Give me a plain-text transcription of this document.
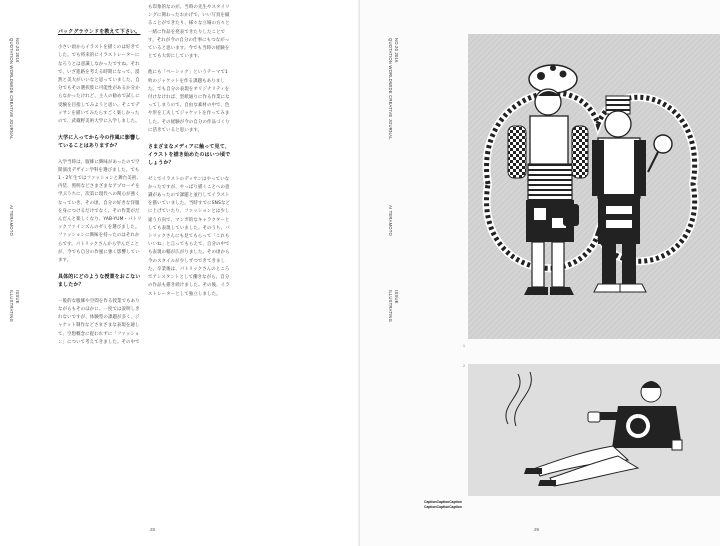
QUOTATION WORLDWIDE CREATIVE JOURNAL NO.20 2016
AI TERAMOTO
ILLUSTRATING ISSUE
バックグラウンドを教えて下さい。

小さい頃からイラストを描くのは好きでした。でも将来的にイラストレーターになろうとは意識しなかったですね。それで、いざ進路を考える時期になって、漠然と美大がいいなと思っていました。自分でもその選択肢に可能性があるか分からなかったけれど、主人の勧めで試しに受験を目指してみようと思い、そこでデッサンを描いてみたらすごく楽しかったので、武蔵野美術大学に入学しました。

大学に入ってから今の作風に影響していることはありますか？

入学当時は、服飾に興味があったので空間演出デザイン学科を選びました。でも1・2年生ではファッションと舞台美術、内装、照明などさまざまなアプローチを学ぶうちに、次第に現代への関心が強くなっていき、その頃、自分の好きな洋服を身につけるだけでなく、その作業がだんだんと楽しくなり、YAB-YUM・パトリックファインズんのゼミを選びました。ファッションに興味を持ったのはそれからです。パトリックさんから学んだことが、今でも自分の作風に強く影響しています。

具体的にどのような授業をおこないましたか？

一般的な服飾や空間を作る授業でもありながらもそのほかに、一度では説明しきれないですが、体験型の課題が多く、ジャケット制作などさまざまな表現を通して、空想概念に捉われずに「ファッション」について考えてきました。その中で

も印象的なのが、当時の先生やスタイリングに関わったおかげで、いい写真を撮ることができたり、様々な立場の方々と一緒に作品を発表できたりしたことです。それが今の自分の仕事にもつながっていると思います。今でも当時の経験をとても大切にしています。

他にも「ベーシック」というテーマで1枚のジャケットを作る課題もありました。でも自分の表現をオリジナリティを付けなければ、型紙通りに作る作業になってしまうので、自由な素材の中で、色や形を工夫してジャケットを作ってみました。その経験が今の自分の作品づくりに活きていると思います。

さまざまなメディアに触って見て、イラストを描き始めたのはいつ頃でしょうか？

ゼミでイラストのデッサンはやっていなかったですが、やっぱり描くことへの意識があったので課題と並行してイラストを描いていました。当時すでにSNSなどに上げていたり、ファッションとは少し違う方向で、マンガ的なキャラクターとしても表現していました。そのうち、パトリックさんにも見てもらって「これもいいね」と言ってもらえて、自分の中でも表現の幅が広がりました。その頃から今のスタイルが少しずつできてきました。卒業後は、パトリックさんのところでアシスタントとして働きながら、自分の作品も描き続けました。その後、イラストレーターとして独立しました。

28
QUOTATION WORLDWIDE CREATIVE JOURNAL NO.20 2016
AI TERAMOTO
ILLUSTRATING ISSUE
29
1
2
CaptionCaptionCaption
CaptionCaptionCaption
